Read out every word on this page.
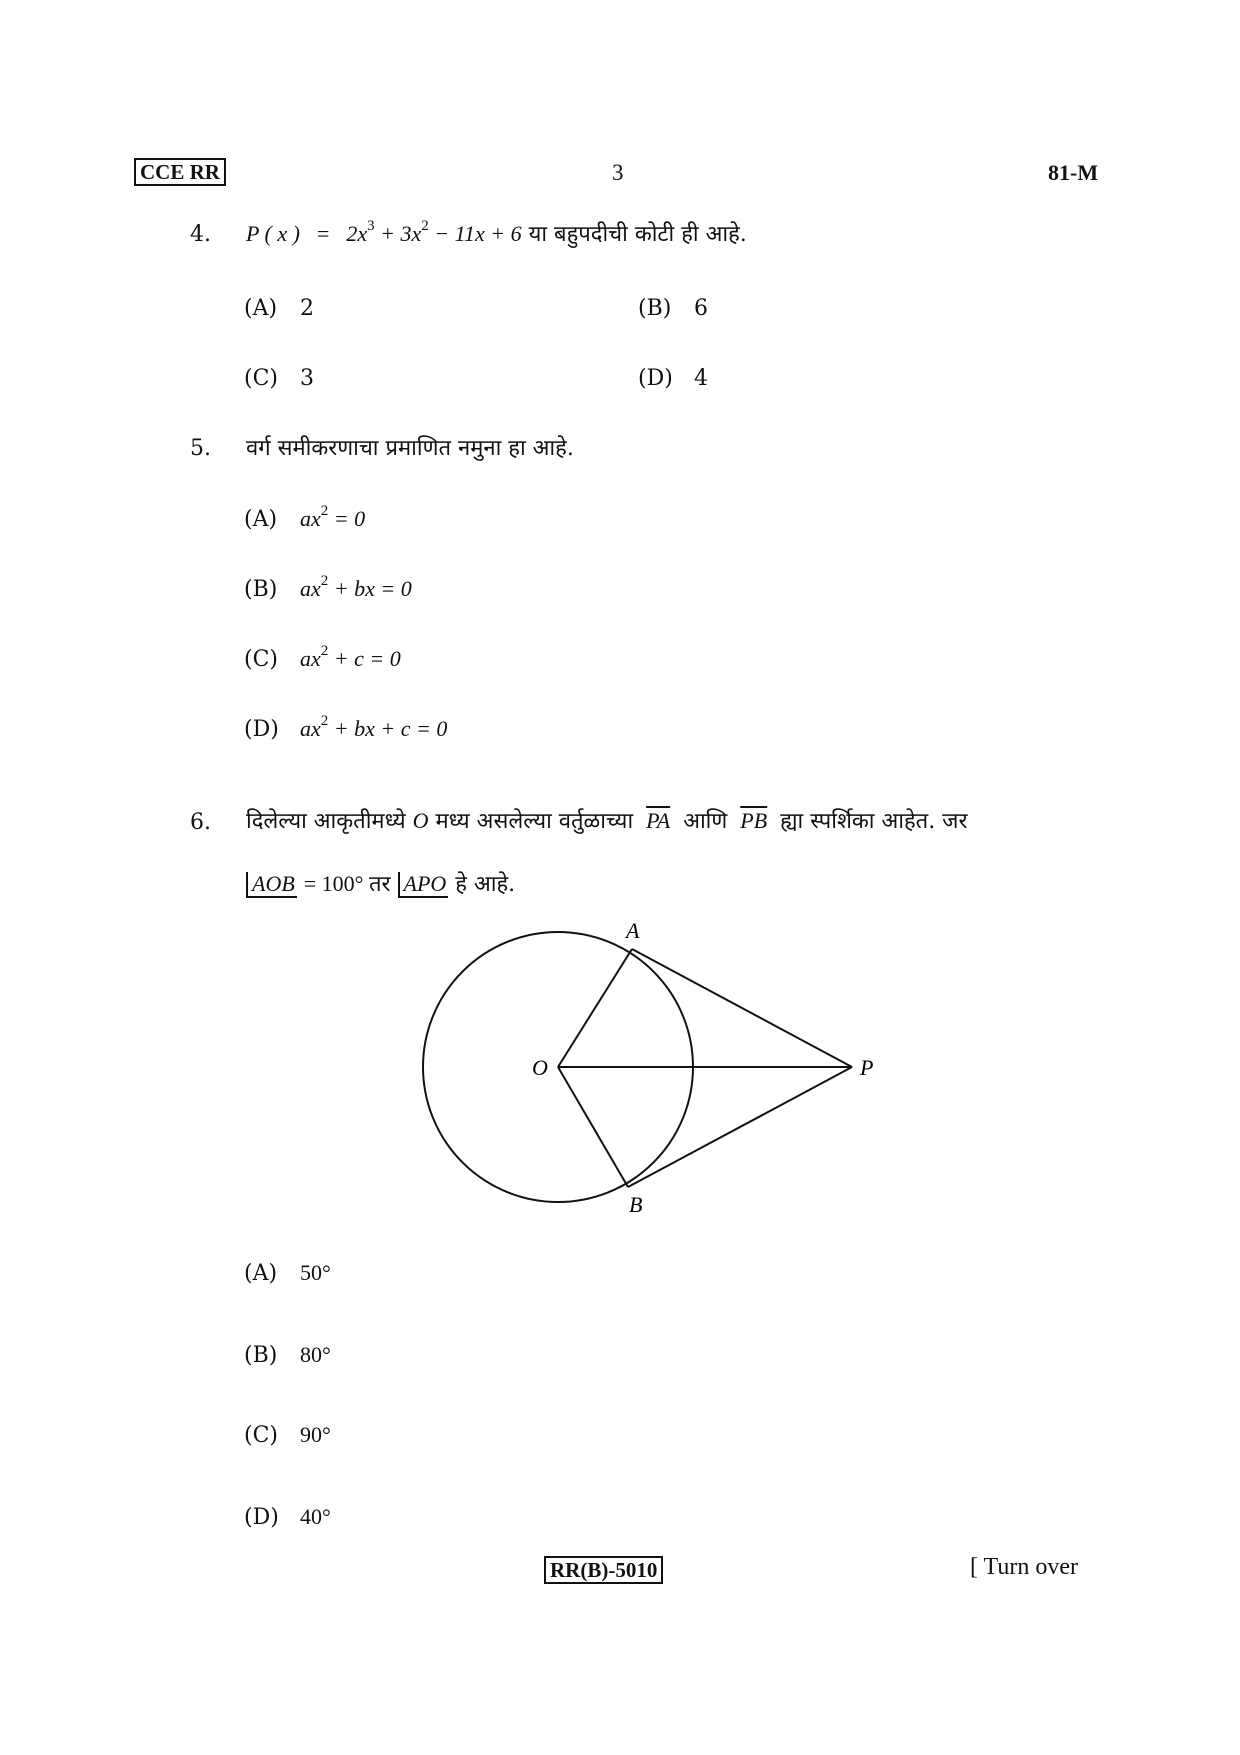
CCE RR	3	81-M
4. P ( x ) = $2x^3 + 3x^2 - 11x + 6$ या बहुपदीची कोटी ही आहे.
(A) 2	(B) 6
(C) 3	(D) 4
5. वर्ग समीकरणाचा प्रमाणित नमुना हा आहे.
(A) $ax^2 = 0$
(B) $ax^2$ + bx = 0
(C) $ax^2 + c = 0$
(D) $ax^2$ + bx + c = 0
6. दिलेल्या आकृतीमध्ये O मध्य असलेल्या वर्तुळाच्या $\overline{PA}$ आणि $\overline{PB}$ ह्या स्पर्शिका आहेत. जर
AOB = 100° तर APO हे आहे.
A
O	P
B
(A) 50°
(B) 80°
(C) 90°
(D) 40°
RR(B)-5010	[ Turn over
